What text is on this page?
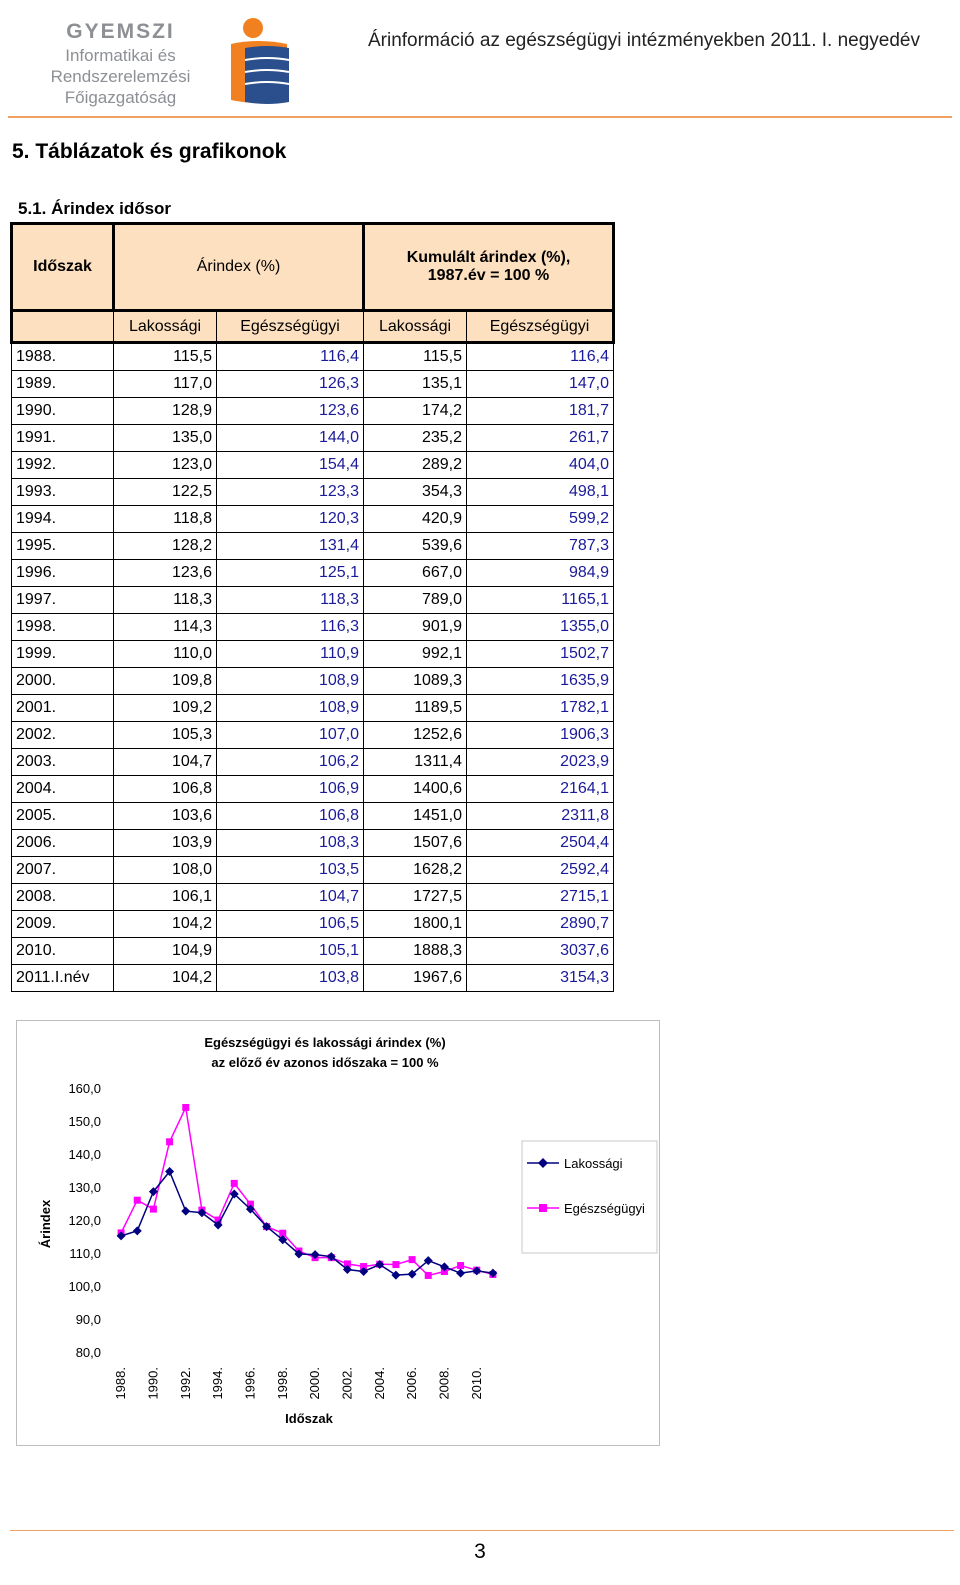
GYEMSZI
Informatikai és
Rendszerelemzési
Főigazgatóság
Árinformáció az egészségügyi intézményekben 2011. I. negyedév
5. Táblázatok és grafikonok
5.1. Árindex idősor
Időszak	Árindex (%)		Kumulált árindex (%),
1987.év = 100 %	

	Lakossági	Egészségügyi	Lakossági	Egészségügyi
1988.	115,5	116,4	115,5	116,4
1989.	117,0	126,3	135,1	147,0
1990.	128,9	123,6	174,2	181,7
1991.	135,0	144,0	235,2	261,7
1992.	123,0	154,4	289,2	404,0
1993.	122,5	123,3	354,3	498,1
1994.	118,8	120,3	420,9	599,2
1995.	128,2	131,4	539,6	787,3
1996.	123,6	125,1	667,0	984,9
1997.	118,3	118,3	789,0	1165,1
1998.	114,3	116,3	901,9	1355,0
1999.	110,0	110,9	992,1	1502,7
2000.	109,8	108,9	1089,3	1635,9
2001.	109,2	108,9	1189,5	1782,1
2002.	105,3	107,0	1252,6	1906,3
2003.	104,7	106,2	1311,4	2023,9
2004.	106,8	106,9	1400,6	2164,1
2005.	103,6	106,8	1451,0	2311,8
2006.	103,9	108,3	1507,6	2504,4
2007.	108,0	103,5	1628,2	2592,4
2008.	106,1	104,7	1727,5	2715,1
2009.	104,2	106,5	1800,1	2890,7
2010.	104,9	105,1	1888,3	3037,6
2011.I.név	104,2	103,8	1967,6	3154,3
Egészségügyi és lakossági árindex (%)
az előző év azonos időszaka = 100 %
Árindex
Időszak
80,0
90,0
100,0
110,0
120,0
130,0
140,0
150,0
160,0
1988. 1990. 1992. 1994. 1996. 1998. 2000. 2002. 2004. 2006. 2008. 2010.
Lakossági
Egészségügyi
3
